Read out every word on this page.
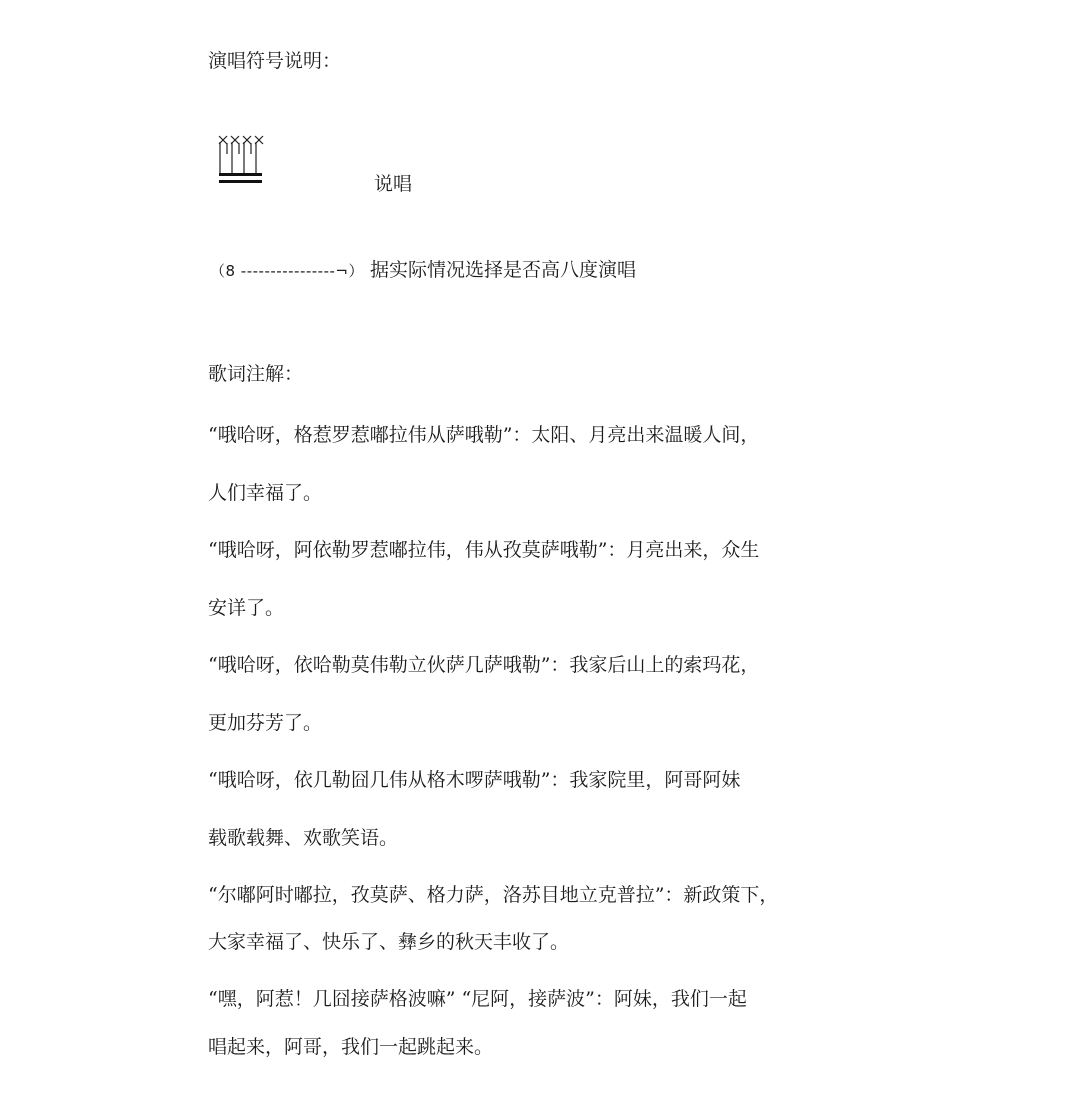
演唱符号说明：
说唱
（8 ----------------¬） 据实际情况选择是否高八度演唱
歌词注解：
“哦哈呀，格惹罗惹嘟拉伟从萨哦勒”：太阳、月亮出来温暖人间，
人们幸福了。
“哦哈呀，阿依勒罗惹嘟拉伟，伟从孜莫萨哦勒”：月亮出来，众生
安详了。
“哦哈呀，依哈勒莫伟勒立伙萨几萨哦勒”：我家后山上的索玛花，
更加芬芳了。
“哦哈呀，依几勒囧几伟从格木啰萨哦勒”：我家院里，阿哥阿妹
载歌载舞、欢歌笑语。
“尔嘟阿时嘟拉，孜莫萨、格力萨，洛苏目地立克普拉”：新政策下，
大家幸福了、快乐了、彝乡的秋天丰收了。
“嘿，阿惹！几囧接萨格波嘛” “尼阿，接萨波”：阿妹，我们一起
唱起来，阿哥，我们一起跳起来。
